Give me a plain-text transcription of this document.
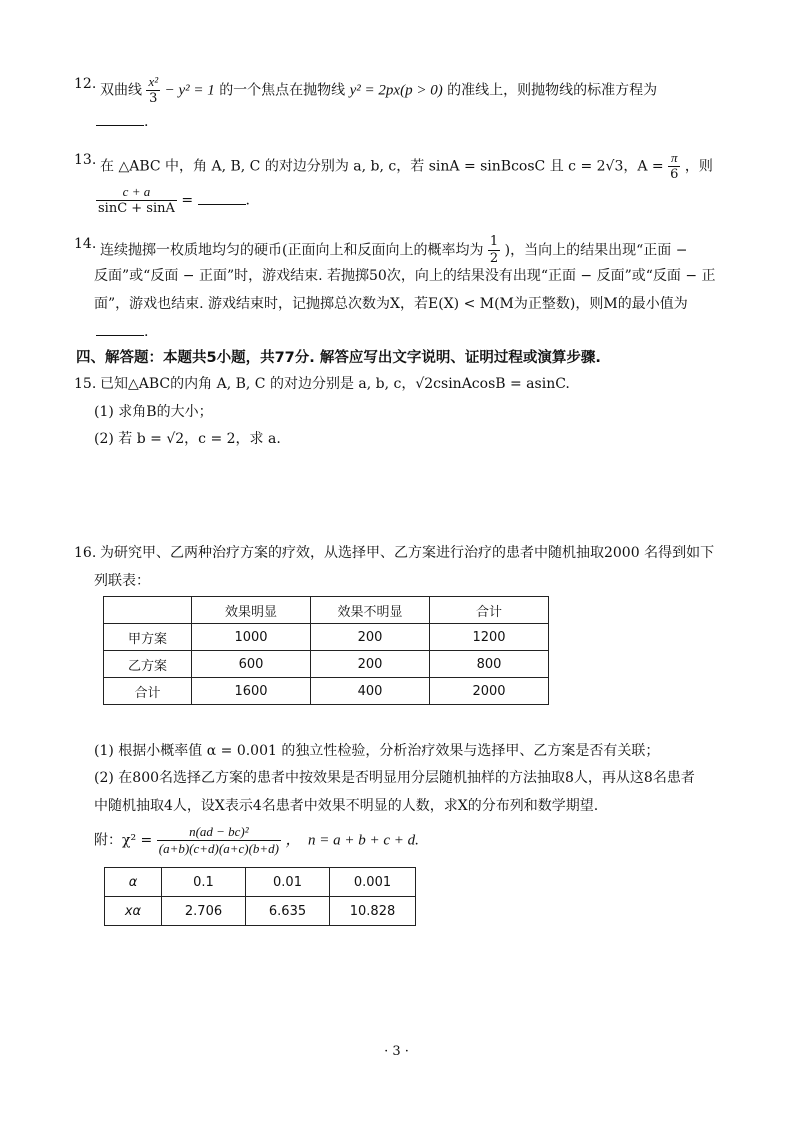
12. 双曲线 $\frac{\text{x²}}{3} - y^2 = 1$ 的一个焦点在抛物线 y² = 2px(p > 0) 的准线上，则抛物线的标准方程为
.
13. 在 △ABC 中，角 A, B, C 的对边分别为 a, b, c，若 sinA = sinBcosC 且 c = 2√3，$A = \frac{\pi}{6}$ ，则
$\frac{c + a}{\sin C + \sin A}$ =	.
14. 连续抛掷一枚质地均匀的硬币(正面向上和反面向上的概率均为 $\frac{1}{2}$ )，当向上的结果出现“正面 −
反面”或“反面 − 正面”时，游戏结束. 若抛掷50次，向上的结果没有出现“正面 − 反面”或“反面 − 正
面”，游戏也结束. 游戏结束时，记抛掷总次数为X，若E(X) < M(M为正整数)，则M的最小值为
.
四、解答题：本题共5小题，共77分. 解答应写出文字说明、证明过程或演算步骤.
15. 已知△ABC的内角 A, B, C 的对边分别是 a, b, c，√2csinAcosB = asinC.
(1) 求角B的大小；
(2) 若 b = √2，c = 2，求 a.
16. 为研究甲、乙两种治疗方案的疗效，从选择甲、乙方案进行治疗的患者中随机抽取2000 名得到如下
列联表：
	效果明显	效果不明显	合计
甲方案	1000	200	1200
乙方案	600	200	800
合计	1600	400	2000
(1) 根据小概率值 α = 0.001 的独立性检验，分析治疗效果与选择甲、乙方案是否有关联；
(2) 在800名选择乙方案的患者中按效果是否明显用分层随机抽样的方法抽取8人，再从这8名患者
中随机抽取4人，设X表示4名患者中效果不明显的人数，求X的分布列和数学期望.
附：$\chi^2 = \frac{\text{n(ad − bc)²}}{(a+b)(c+d)(a+c)(b+d)}$ ，　n = a + b + c + d.
α	0.1	0.01	0.001
xα	2.706	6.635	10.828
· 3 ·
